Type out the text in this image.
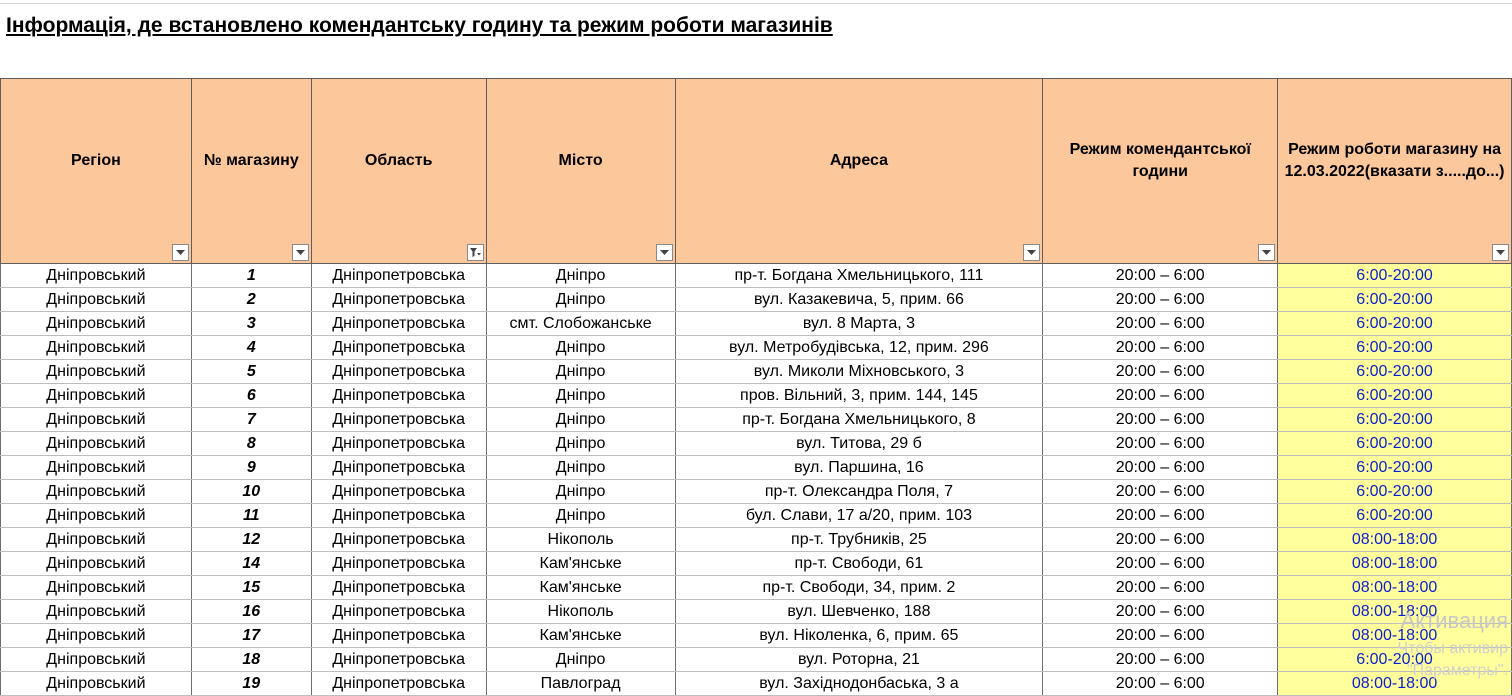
Інформація, де встановлено комендантську годину та режим роботи магазинів
Регіон	№ магазину	Область	Місто	Адреса	Режим комендантської години	Режим роботи магазину на 12.03.2022(вказати з.....до...)

Дніпровський	1	Дніпропетровська	Дніпро	пр-т. Богдана Хмельницького, 111	20:00 – 6:00	6:00-20:00
Дніпровський	2	Дніпропетровська	Дніпро	вул. Казакевича, 5, прим. 66	20:00 – 6:00	6:00-20:00
Дніпровський	3	Дніпропетровська	смт. Слобожанське	вул. 8 Марта, 3	20:00 – 6:00	6:00-20:00
Дніпровський	4	Дніпропетровська	Дніпро	вул. Метробудівська, 12, прим. 296	20:00 – 6:00	6:00-20:00
Дніпровський	5	Дніпропетровська	Дніпро	вул. Миколи Міхновського, 3	20:00 – 6:00	6:00-20:00
Дніпровський	6	Дніпропетровська	Дніпро	пров. Вільний, 3, прим. 144, 145	20:00 – 6:00	6:00-20:00
Дніпровський	7	Дніпропетровська	Дніпро	пр-т. Богдана Хмельницького, 8	20:00 – 6:00	6:00-20:00
Дніпровський	8	Дніпропетровська	Дніпро	вул. Титова, 29 б	20:00 – 6:00	6:00-20:00
Дніпровський	9	Дніпропетровська	Дніпро	вул. Паршина, 16	20:00 – 6:00	6:00-20:00
Дніпровський	10	Дніпропетровська	Дніпро	пр-т. Олександра Поля, 7	20:00 – 6:00	6:00-20:00
Дніпровський	11	Дніпропетровська	Дніпро	бул. Слави, 17 а/20, прим. 103	20:00 – 6:00	6:00-20:00
Дніпровський	12	Дніпропетровська	Нікополь	пр-т. Трубників, 25	20:00 – 6:00	08:00-18:00
Дніпровський	14	Дніпропетровська	Кам'янське	пр-т. Свободи, 61	20:00 – 6:00	08:00-18:00
Дніпровський	15	Дніпропетровська	Кам'янське	пр-т. Свободи, 34, прим. 2	20:00 – 6:00	08:00-18:00
Дніпровський	16	Дніпропетровська	Нікополь	вул. Шевченко, 188	20:00 – 6:00	08:00-18:00
Дніпровський	17	Дніпропетровська	Кам'янське	вул. Ніколенка, 6, прим. 65	20:00 – 6:00	08:00-18:00
Дніпровський	18	Дніпропетровська	Дніпро	вул. Роторна, 21	20:00 – 6:00	6:00-20:00
Дніпровський	19	Дніпропетровська	Павлоград	вул. Західнодонбаська, 3 а	20:00 – 6:00	08:00-18:00
Активация
Чтобы активир
"Параметры".
